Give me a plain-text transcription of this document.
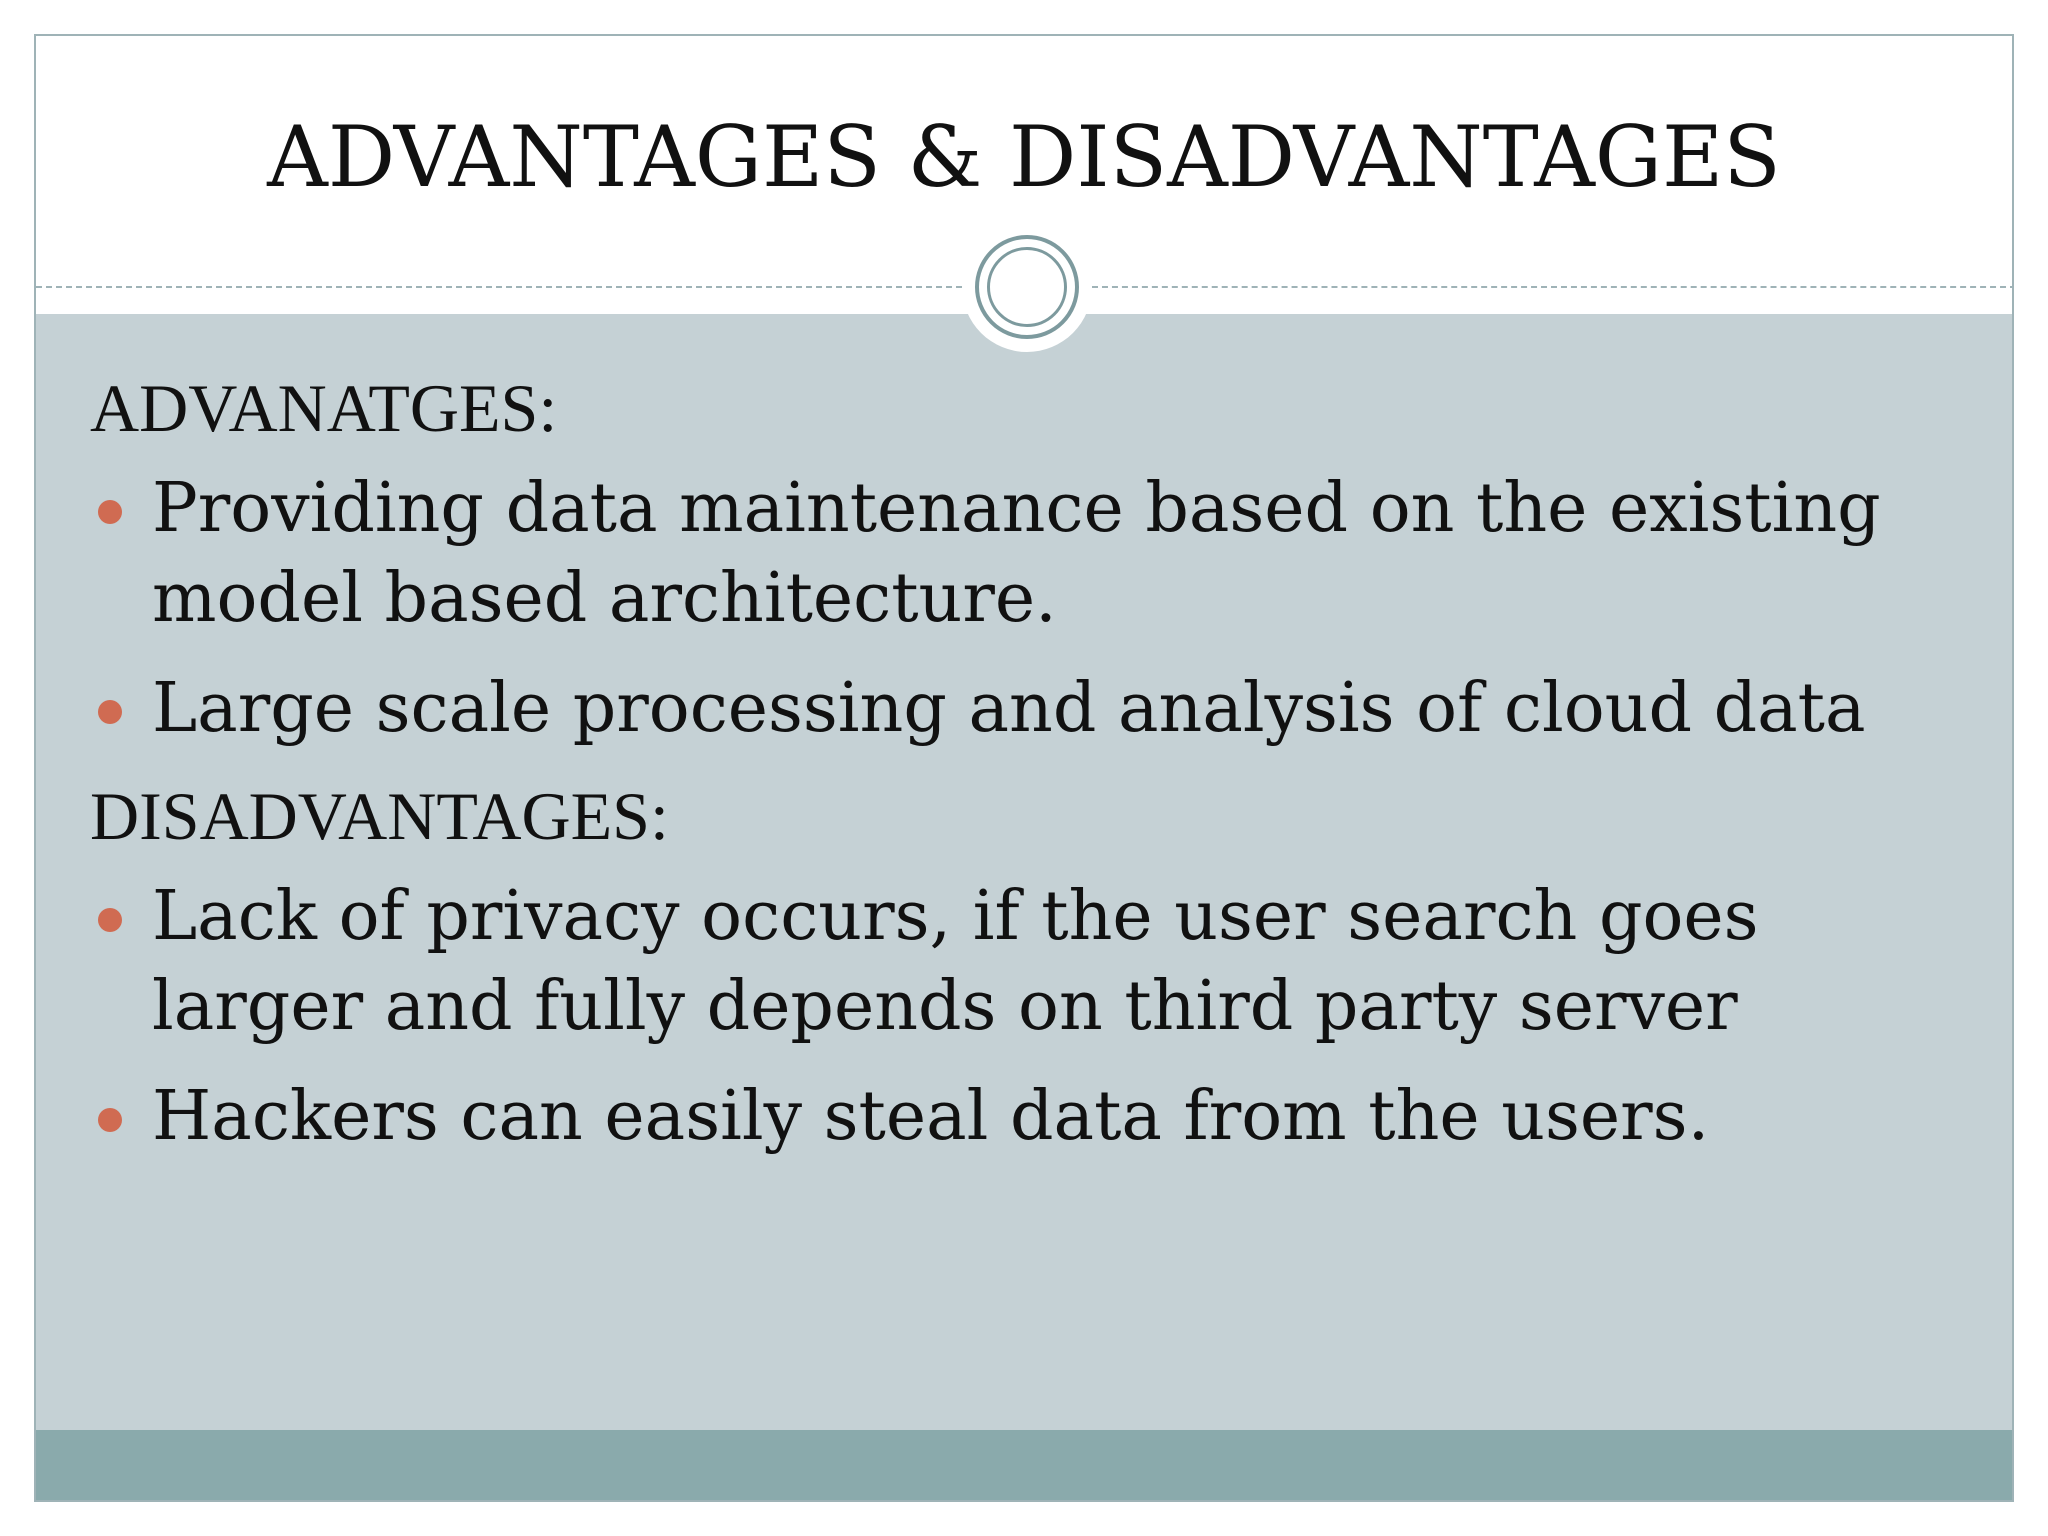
ADVANTAGES & DISADVANTAGES

ADVANATGES:

Providing data maintenance based on the existing model based architecture.
Large scale processing and analysis of cloud data

DISADVANTAGES:

Lack of privacy occurs, if the user search goes larger and fully depends on third party server
Hackers can easily steal data from the users.
